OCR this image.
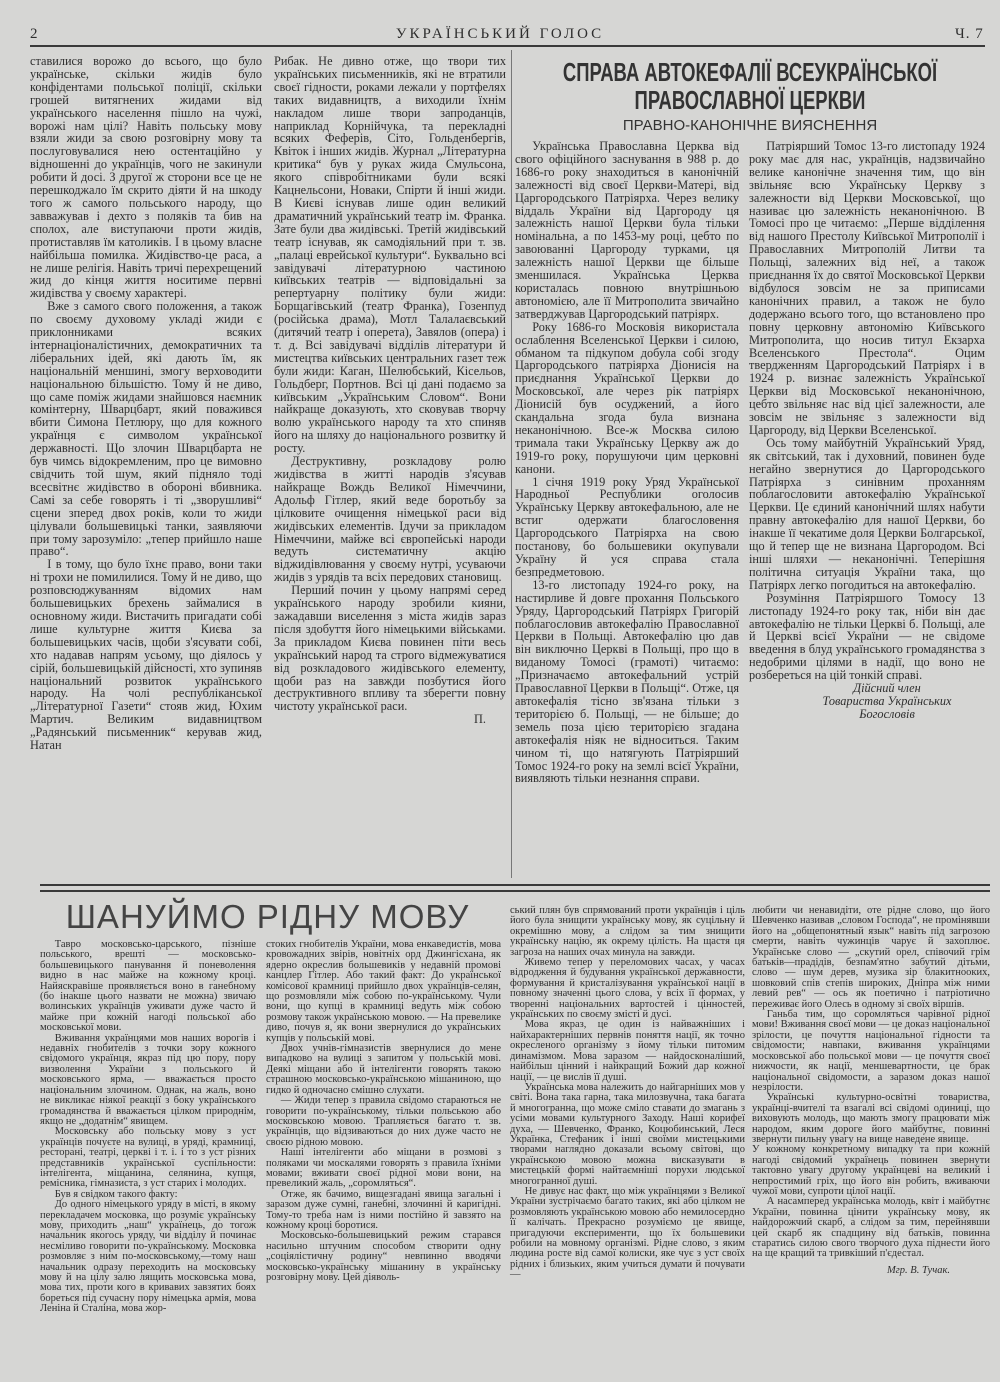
2	УКРАЇНСЬКИЙ ГОЛОС	Ч. 7

ставилися ворожо до всього, що було українське, скільки жидів було конфідентами польської поліції, скільки грошей витягнених жидами від українського населення пішло на чужі, ворожі нам цілі? Навіть польську мову взяли жиди за свою розговірну мову та послуговувалися нею остентаційно у відношенні до українців, чого не закинули робити й досі. З другої ж сторони все це не перешкоджало їм скрито діяти й на шкоду того ж самого польського народу, що завважував і дехто з поляків та бив на сполох, але виступаючи проти жидів, протиставляв їм католиків. І в цьому власне найбільша помилка. Жидівство-це раса, а не лише релігія. Навіть тричі перехрещений жид до кінця життя носитиме первні жидівства у своєму характері.

Вже з самого свого положення, а також по своєму духовому укладі жиди є приклонниками всяких інтернаціоналістичних, демократичних та ліберальних ідей, які дають їм, як національній меншині, змогу верховодити національною більшістю. Тому й не диво, що саме поміж жидами знайшовся наємник комінтерну, Шварцбарт, який поважився вбити Симона Петлюру, що для кожного українця є символом української державності. Що злочин Шварцбарта не був чимсь відокремленим, про це вимовно свідчить той шум, який підняло тоді всесвітнє жидівство в обороні вбивника. Самі за себе говорять і ті „зворушливі“ сцени зперед двох років, коли то жиди цілували большевицькі танки, заявляючи при тому зарозуміло: „тепер прийшло наше право“.

І в тому, що було їхнє право, вони таки ні трохи не помилилися. Тому й не диво, що розповсюджуванням відомих нам большевицьких брехень займалися в основному жиди. Вистачить пригадати собі лише культурне життя Києва за большевицьких часів, щоби з'ясувати собі, хто надавав напрям усьому, що діялось у сірій, большевицькій дійсності, хто зупиняв національний розвиток українського народу. На чолі республіканської „Літературної Газети“ стояв жид, Юхим Мартич. Великим видавництвом „Радянський письменник“ керував жид, Натан

Рибак. Не дивно отже, що твори тих українських письменників, які не втратили своєї гідности, роками лежали у портфелях таких видавництв, а виходили їхнім накладом лише твори запроданців, наприклад Корнійчука, та перекладні всяких Феферів, Сіто, Гольденбергів, Квіток і інших жидів. Журнал „Літературна критика“ був у руках жида Смульсона, якого співробітниками були всякі Кацнельсони, Новаки, Спірти й інші жиди. В Києві існував лише один великий драматичний український театр ім. Франка. Зате були два жидівські. Третій жидівський театр існував, як самодіяльний при т. зв. „палаці еврейської культури“. Буквально всі завідувачі літературною частиною київських театрів — відповідальні за репертуарну політику були жиди: Борщагівський (театр Франка), Гозенпуд (російська драма), Мотл Талалаєвський (дитячий театр і оперета), Завялов (опера) і т. д. Всі завідувачі відділів літератури й мистецтва київських центральних газет теж були жиди: Каган, Шелюбський, Кісельов, Гольдберг, Портнов. Всі ці дані подаємо за київським „Українським Словом“. Вони найкраще доказують, хто сковував творчу волю українського народу та хто спиняв його на шляху до національного розвитку й росту.

Деструктивну, розкладову ролю жидівства в житті народів з'ясував найкраще Вождь Великої Німеччини, Адольф Гітлер, який веде боротьбу за цілковите очищення німецької раси від жидівських елементів. Ідучи за прикладом Німеччини, майже всі європейські народи ведуть систематичну акцію віджидівлювання у своєму нутрі, усуваючи жидів з урядів та всіх передових становищ.

Перший почин у цьому напрямі серед українського народу зробили кияни, зажадавши виселення з міста жидів зараз після здобуття його німецькими військами. За прикладом Києва повинен піти весь український народ та строго відмежуватися від розкладового жидівського елементу, щоби раз на завжди позбутися його деструктивного впливу та зберегти повну чистоту української раси.

П.
СПРАВА АВТОКЕФАЛІЇ ВСЕУКРАЇНСЬКОЇ ПРАВОСЛАВНОЇ ЦЕРКВИ
ПРАВНО-КАНОНІЧНЕ ВИЯСНЕННЯ

Українська Православна Церква від свого офіційного заснування в 988 р. до 1686-го року знаходиться в канонічній залежності від своєї Церкви-Матері, від Царгородського Патріярха. Через велику віддаль України від Царгороду ця залежність нашої Церкви була тільки номінальна, а по 1453-му році, цебто по завоюванні Царгороду турками, ця залежність нашої Церкви ще більше зменшилася. Українська Церква користалась повною внутрішньою автономією, але її Митрополита звичайно затверджував Царгородський патріярх.

Року 1686-го Московія використала ослаблення Вселенської Церкви і силою, обманом та підкупом добула собі згоду Царгородського патріярха Діонисія на приєднання Української Церкви до Московської, але через рік патріярх Діонисій був осуджений, а його скандальна згода була визнана неканонічною. Все-ж Москва силою тримала таки Українську Церкву аж до 1919-го року, порушуючи цим церковні канони.

1 січня 1919 року Уряд Української Народньої Республики оголосив Українську Церкву автокефальною, але не встиг одержати благословення Царгородського Патріярха на свою постанову, бо большевики окупували Україну й уся справа стала безпредметовою.

13-го листопаду 1924-го року, на настирливе й довге прохання Польського Уряду, Царгородський Патріярх Григорій поблагословив автокефалію Православної Церкви в Польщі. Автокефалію цю дав він виключно Церкві в Польщі, про що в виданому Томосі (грамоті) читаємо: „Призначаємо автокефальний устрій Православної Церкви в Польщі“. Отже, ця автокефалія тісно зв'язана тільки з територією б. Польщі, — не більше; до земель поза цією територією згадана автокефалія ніяк не відноситься. Таким чином ті, що натягують Патріярший Томос 1924-го року на землі всієї України, виявляють тільки незнання справи.

Патріярший Томос 13-го листопаду 1924 року має для нас, українців, надзвичайно велике канонічне значення тим, що він звільняє всю Українську Церкву з залежности від Церкви Московської, що називає цю залежність неканонічною. В Томосі про це читаємо: „Перше відділення від нашого Престолу Київської Митрополії і Православних Митрополій Литви та Польщі, залежних від неї, а також приєднання їх до святої Московської Церкви відбулося зовсім не за приписами канонічних правил, а також не було додержано всього того, що встановлено про повну церковну автономію Київського Митрополита, що носив титул Екзарха Вселенського Престола“. Оцим твердженням Царгородський Патріярх і в 1924 р. визнає залежність Української Церкви від Московської неканонічною, цебто звільняє нас від цієї залежности, але зовсім не звільняє з залежности від Царгороду, від Церкви Вселенської.

Ось тому майбутній Український Уряд, як світський, так і духовний, повинен буде негайно звернутися до Царгородського Патріярха з синівним проханням поблагословити автокефалію Української Церкви. Це єдиний канонічний шлях набути правну автокефалію для нашої Церкви, бо інакше її чекатиме доля Церкви Болгарської, що й тепер ще не визнана Царгородом. Всі інші шляхи — неканонічні. Теперішня політична ситуація України така, що Патріярх легко погодиться на автокефалію.

Розуміння Патріяршого Томосу 13 листопаду 1924-го року так, ніби він дає автокефалію не тільки Церкві б. Польщі, але й Церкві всієї України — не свідоме введення в блуд українського громадянства з недобрими цілями в надії, що воно не розбереться на цій тонкій справі.

Дійсний член
Товариства Українських
Богословів
ШАНУЙМО РІДНУ МОВУ

Тавро московсько-царського, пізніше польського, врешті — московсько-большевицького панування й поневолення видно в нас майже на кожному кроці. Найяскравіше проявляється воно в ганебному (бо інакше цього назвати не можна) звичаю волинських українців уживати дуже часто й майже при кожній нагоді польської або московської мови.

Вживання українцями мов наших ворогів і недавніх гнобителів з точки зору кожного свідомого українця, якраз під цю пору, пору визволення України з польського й московського ярма, — вважається просто національним злочином. Однак, на жаль, воно не викликає ніякої реакції з боку українського громадянства й вважається цілком природнім, якщо не „додатнім“ явищем.

Московську або польську мову з уст українців почуєте на вулиці, в уряді, крамниці, ресторані, театрі, церкві і т. і. і то з уст різних представників української суспільности: інтелігента, міщанина, селянина, купця, ремісника, гімназиста, з уст старих і молодих.

Був я свідком такого факту:

До одного німецького уряду в місті, в якому перекладачем московка, що розуміє українську мову, приходить „наш“ українець, до тогож начальник якогось уряду, чи відділу й починає несміливо говорити по-українському. Московка розмовляє з ним по-московському,—тому наш начальник одразу переходить на московську мову й на цілу залю лящить московська мова, мова тих, проти кого в кривавих завзятих боях бореться під сучасну пору німецька армія, мова Леніна й Сталіна, мова жор-

стоких гнобителів України, мова енкаведистів, мова кровожадних звірів, новітніх орд Джингісхана, як ядерно окреслив большевиків у недавній промові канцлер Гітлер. Або такий факт: До української комісової крамниці прийшло двох українців-селян, що розмовляли між собою по-українському. Чули вони, що купці в крамниці ведуть між собою розмову також українською мовою. — На превелике диво, почув я, як вони звернулися до українських купців у польській мові.

Двох учнів-гімназистів звернулися до мене випадково на вулиці з запитом у польській мові. Деякі міщани або й інтелігенти говорять такою страшною московсько-українською мішаниною, що гидко й одночасно смішно слухати.

— Жиди тепер з правила свідомо стараються не говорити по-українському, тільки польською або московською мовою. Трапляється багато т. зв. українців, що відзиваються до них дуже часто не своєю рідною мовою.

Наші інтелігенти або міщани в розмові з поляками чи москалями говорять з правила їхніми мовами; вживати своєї рідної мови вони, на превеликий жаль, „соромляться“.

Отже, як бачимо, вищезгадані явища загальні і заразом дуже сумні, ганебні, злочинні й каригідні. Тому-то треба нам із ними постійно й завзято на кожному кроці боротися.

Московсько-большевицький режим старався насильно штучним способом створити одну „соціялістичну родину“ невпинно вводячи московсько-українську мішанину в українську розговірну мову. Цей діяволь-

ський плян був спрямований проти українців і ціль його була знищити українську мову, як суцільну й окремішню мову, а слідом за тим знищити українську націю, як окрему цілість. На щастя ця загроза на наших очах минула на завжди.

Живемо тепер у переломових часах, у часах відродження й будування української державности, формування й кристалізування української нації в повному значенні цього слова, у всіх її формах, у творенні національних вартостей і цінностей, українських по своєму змісті й дусі.

Мова якраз, це один із найважніших і найхарактерніших первнів поняття нації, як точно окресленого організму з йому тільки питомим динамізмом. Мова заразом — найдосконаліший, найбільш цінний і найкращий Божий дар кожної нації, — це вислів її душі.

Українська мова належить до найгарніших мов у світі. Вона така гарна, така милозвучна, така багата й многогранна, що може сміло ставати до змагань з усіми мовами культурного Заходу. Наші корифеї духа, — Шевченко, Франко, Коцюбинський, Леся Українка, Стефаник і інші своїми мистецькими творами наглядно доказали всьому світові, що українською мовою можна висказувати в мистецькій формі найтаємніші порухи людської многогранної душі.

Не дивує нас факт, що між українцями з Великої України зустрічаємо багато таких, які або цілком не розмовляють українською мовою або немилосердно її калічать. Прекрасно розуміємо це явище, пригадуючи експерименти, що їх большевики робили на мовному організмі. Рідне слово, з яким людина росте від самої колиски, яке чує з уст своїх рідних і близьких, яким учиться думати й почувати —

любити чи ненавидіти, оте рідне слово, що його Шевченко називав „словом Господа“, не промінявши його на „общепонятный язык“ навіть під загрозою смерти, навіть чужинців чарує й захоплює. Українське слово — „скутий орел, співочий грім батьків—прадідів, безпам'ятно забутий дітьми, слово — шум дерев, музика зір блакитнооких, шовковий спів степів широких, Дніпра між ними левий рев“ — ось як поетично і патріотично переживає його Олесь в одному зі своїх віршів.

Ганьба тим, що соромляться чарівної рідної мови! Вживання своєї мови — це доказ національної зрілости, це почуття національної гідности та свідомости; навпаки, вживання українцями московської або польської мови — це почуття своєї нижчости, як нації, меншевартности, це брак національної свідомости, а заразом доказ нашої незрілости.

Українські культурно-освітні товариства, українці-вчителі та взагалі всі свідомі одиниці, що виховують молодь, що мають змогу працювати між народом, яким дороге його майбутнє, повинні звернути пильну увагу на вище наведене явище.

У кожному конкретному випадку та при кожній нагоді свідомий українець повинен звернути тактовно увагу другому українцеві на великий і непростимий гріх, що його він робить, вживаючи чужої мови, супроти цілої нації.

А насамперед українська молодь, квіт і майбутнє України, повинна цінити українську мову, як найдорожчий скарб, а слідом за тим, перейнявши цей скарб як спадщину від батьків, повинна старатись силою свого творчого духа піднести його на ще кращий та тривкіший п'єдестал.

Мгр. В. Тучак.
